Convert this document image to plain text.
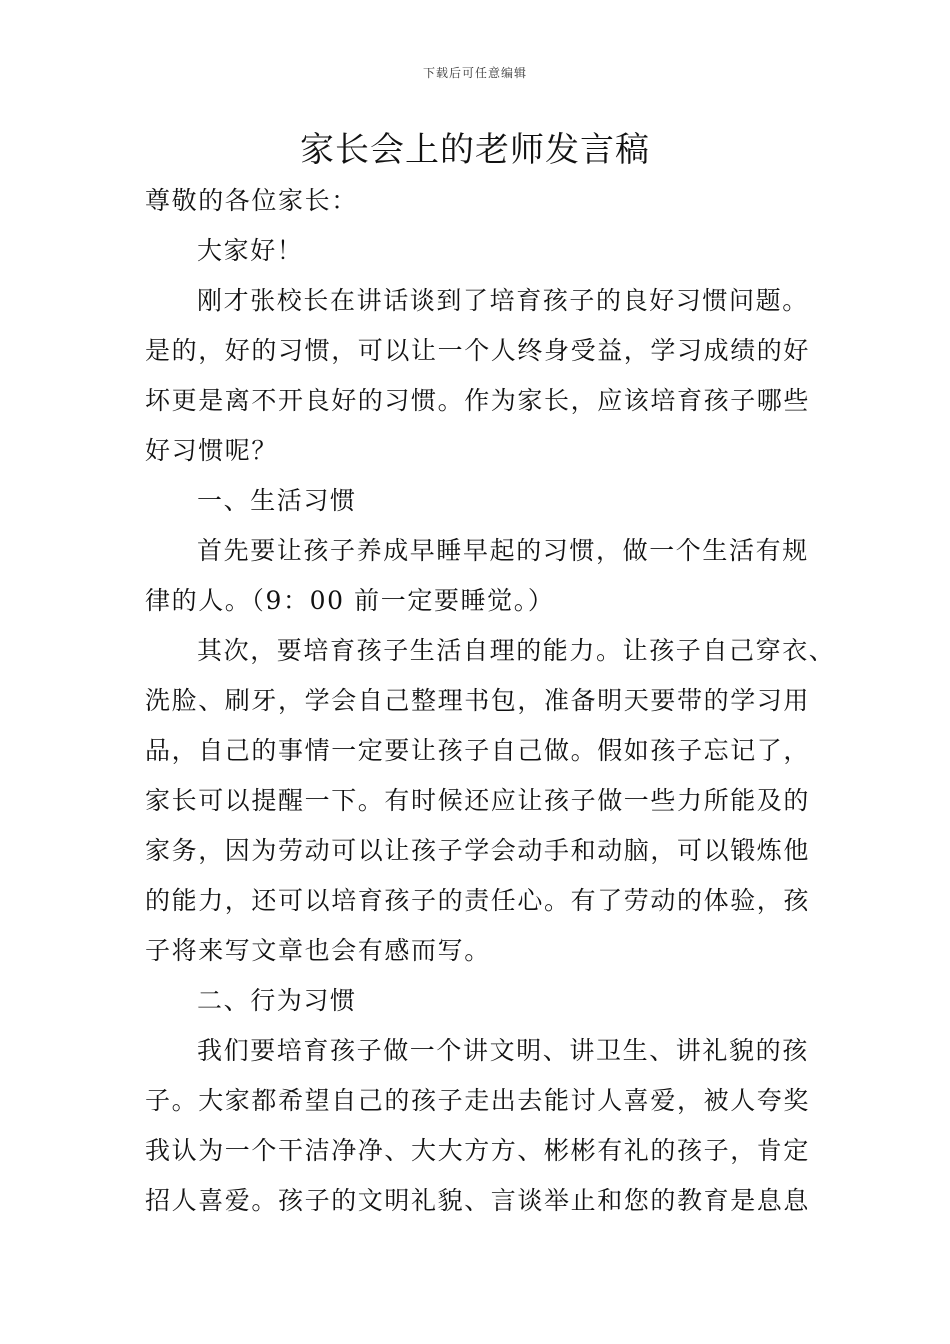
下载后可任意编辑
家长会上的老师发言稿
尊敬的各位家长：
大家好！
刚才张校长在讲话谈到了培育孩子的良好习惯问题。
是的，好的习惯，可以让一个人终身受益，学习成绩的好
坏更是离不开良好的习惯。作为家长，应该培育孩子哪些
好习惯呢？
一、生活习惯
首先要让孩子养成早睡早起的习惯，做一个生活有规
律的人。（9：00 前一定要睡觉。）
其次，要培育孩子生活自理的能力。让孩子自己穿衣、
洗脸、刷牙，学会自己整理书包，准备明天要带的学习用
品，自己的事情一定要让孩子自己做。假如孩子忘记了，
家长可以提醒一下。有时候还应让孩子做一些力所能及的
家务，因为劳动可以让孩子学会动手和动脑，可以锻炼他
的能力，还可以培育孩子的责任心。有了劳动的体验，孩
子将来写文章也会有感而写。
二、行为习惯
我们要培育孩子做一个讲文明、讲卫生、讲礼貌的孩
子。大家都希望自己的孩子走出去能讨人喜爱，被人夸奖
我认为一个干洁净净、大大方方、彬彬有礼的孩子，肯定
招人喜爱。孩子的文明礼貌、言谈举止和您的教育是息息
